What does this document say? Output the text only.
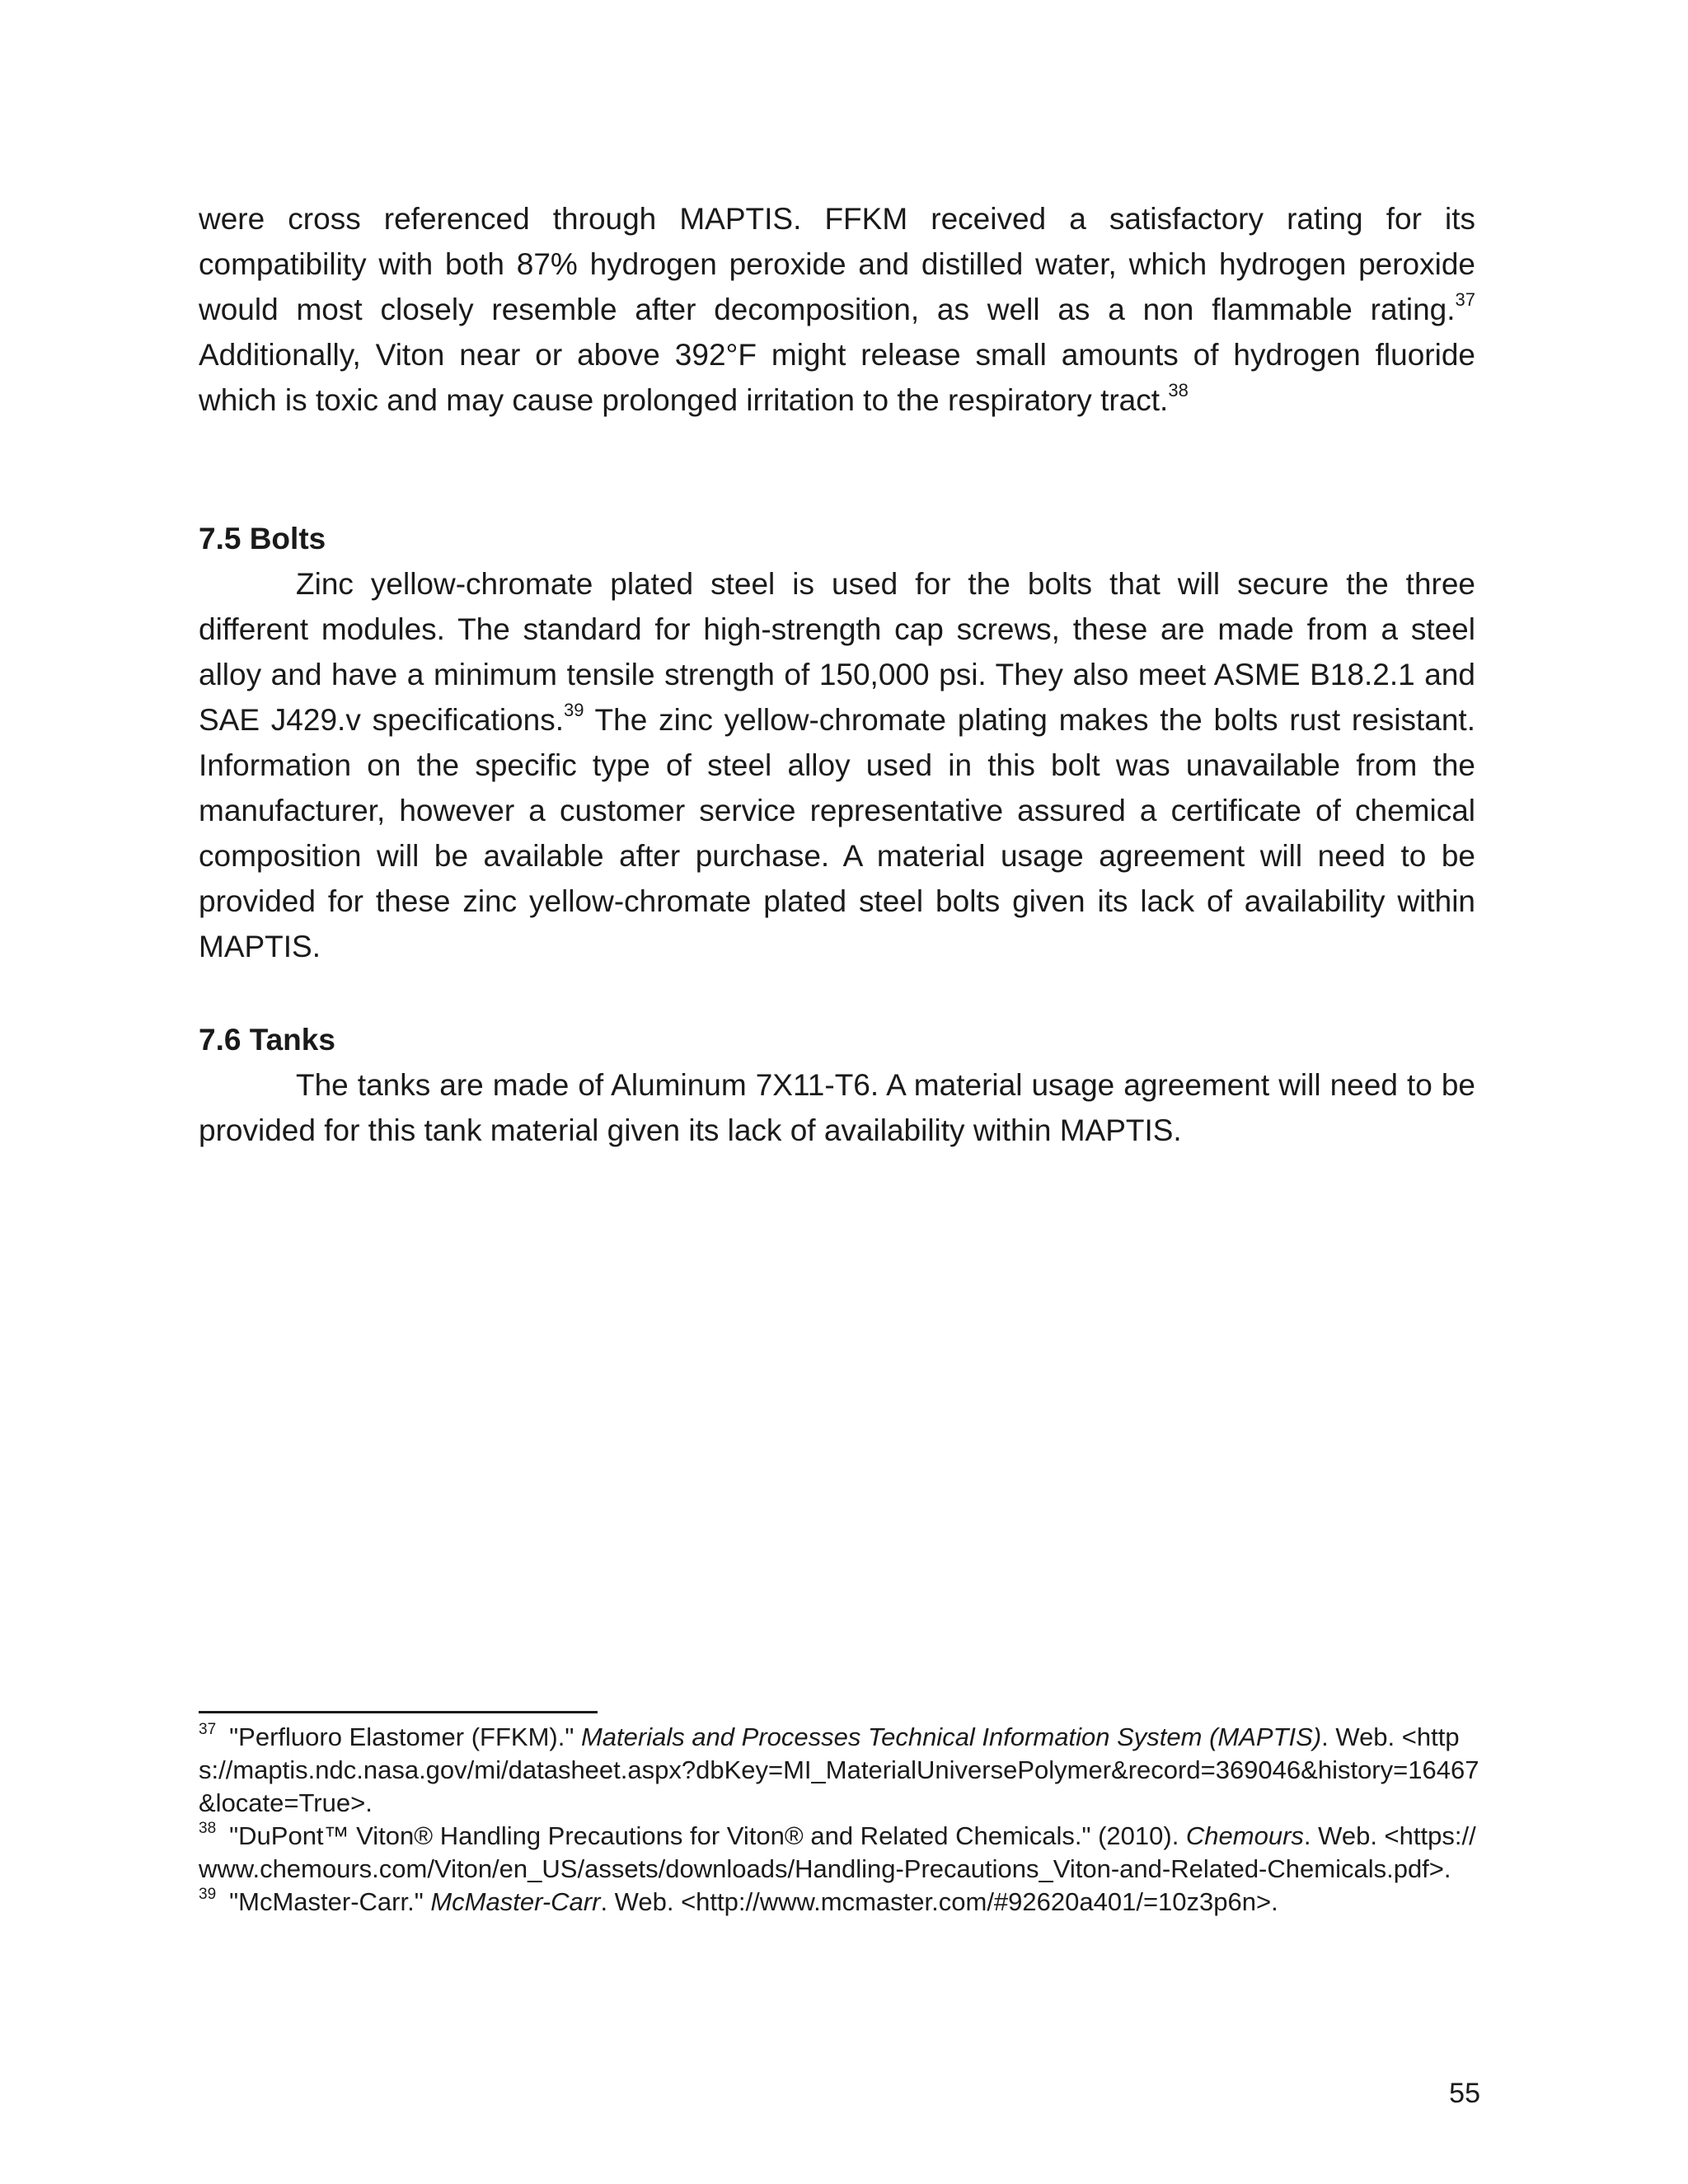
were cross referenced through MAPTIS. FFKM received a satisfactory rating for its compatibility with both 87% hydrogen peroxide and distilled water, which hydrogen peroxide would most closely resemble after decomposition, as well as a non flammable rating.$^{37}$ Additionally, Viton near or above 392°F might release small amounts of hydrogen fluoride which is toxic and may cause prolonged irritation to the respiratory tract.$^{38}$

7.5 Bolts

Zinc yellow-chromate plated steel is used for the bolts that will secure the three different modules. The standard for high-strength cap screws, these are made from a steel alloy and have a minimum tensile strength of 150,000 psi. They also meet ASME B18.2.1 and SAE J429.v specifications.$^{39}$ The zinc yellow-chromate plating makes the bolts rust resistant. Information on the specific type of steel alloy used in this bolt was unavailable from the manufacturer, however a customer service representative assured a certificate of chemical composition will be available after purchase. A material usage agreement will need to be provided for these zinc yellow-chromate plated steel bolts given its lack of availability within MAPTIS.

7.6 Tanks

The tanks are made of Aluminum 7X11-T6. A material usage agreement will need to be provided for this tank material given its lack of availability within MAPTIS.

$^{37}$ "Perfluoro Elastomer (FFKM)." Materials and Processes Technical Information System (MAPTIS). Web. <https://maptis.ndc.nasa.gov/mi/datasheet.aspx?dbKey=MI_MaterialUniversePolymer&record=369046&history=16467&locate=True>.

$^{38}$ "DuPont™ Viton® Handling Precautions for Viton® and Related Chemicals." (2010). Chemours. Web. <https://www.chemours.com/Viton/en_US/assets/downloads/Handling-Precautions_Viton-and-Related-Chemicals.pdf>.

$^{39}$ "McMaster-Carr." McMaster-Carr. Web. <http://www.mcmaster.com/#92620a401/=10z3p6n>.

55
